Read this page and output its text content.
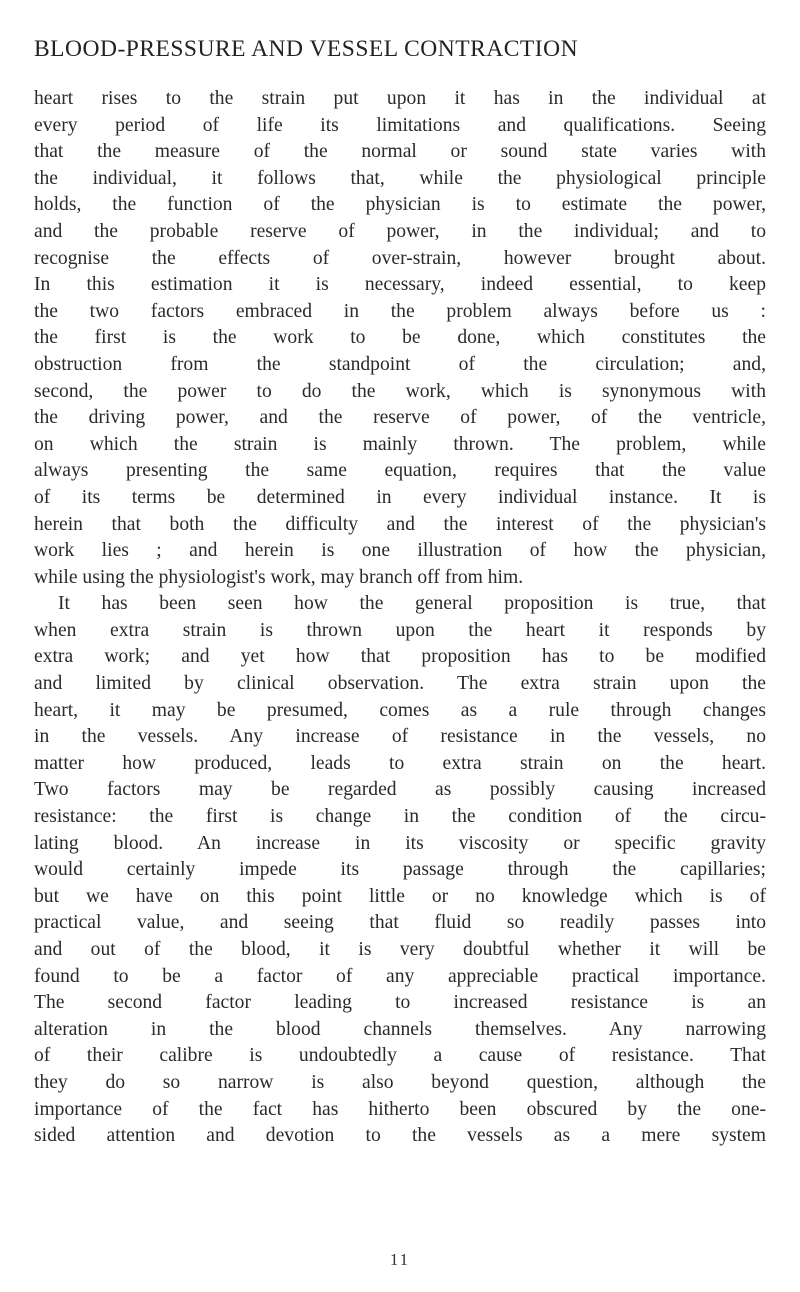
BLOOD-PRESSURE AND VESSEL CONTRACTION
heart rises to the strain put upon it has in the individual at
every period of life its limitations and qualifications. Seeing
that the measure of the normal or sound state varies with
the individual, it follows that, while the physiological principle
holds, the function of the physician is to estimate the power,
and the probable reserve of power, in the individual; and to
recognise the effects of over-strain, however brought about.
In this estimation it is necessary, indeed essential, to keep
the two factors embraced in the problem always before us :
the first is the work to be done, which constitutes the
obstruction from the standpoint of the circulation; and,
second, the power to do the work, which is synonymous with
the driving power, and the reserve of power, of the ventricle,
on which the strain is mainly thrown. The problem, while
always presenting the same equation, requires that the value
of its terms be determined in every individual instance. It is
herein that both the difficulty and the interest of the physician's
work lies ; and herein is one illustration of how the physician,
while using the physiologist's work, may branch off from him.
It has been seen how the general proposition is true, that
when extra strain is thrown upon the heart it responds by
extra work; and yet how that proposition has to be modified
and limited by clinical observation. The extra strain upon the
heart, it may be presumed, comes as a rule through changes
in the vessels. Any increase of resistance in the vessels, no
matter how produced, leads to extra strain on the heart.
Two factors may be regarded as possibly causing increased
resistance: the first is change in the condition of the circu-
lating blood. An increase in its viscosity or specific gravity
would certainly impede its passage through the capillaries;
but we have on this point little or no knowledge which is of
practical value, and seeing that fluid so readily passes into
and out of the blood, it is very doubtful whether it will be
found to be a factor of any appreciable practical importance.
The second factor leading to increased resistance is an
alteration in the blood channels themselves. Any narrowing
of their calibre is undoubtedly a cause of resistance. That
they do so narrow is also beyond question, although the
importance of the fact has hitherto been obscured by the one-
sided attention and devotion to the vessels as a mere system
11
